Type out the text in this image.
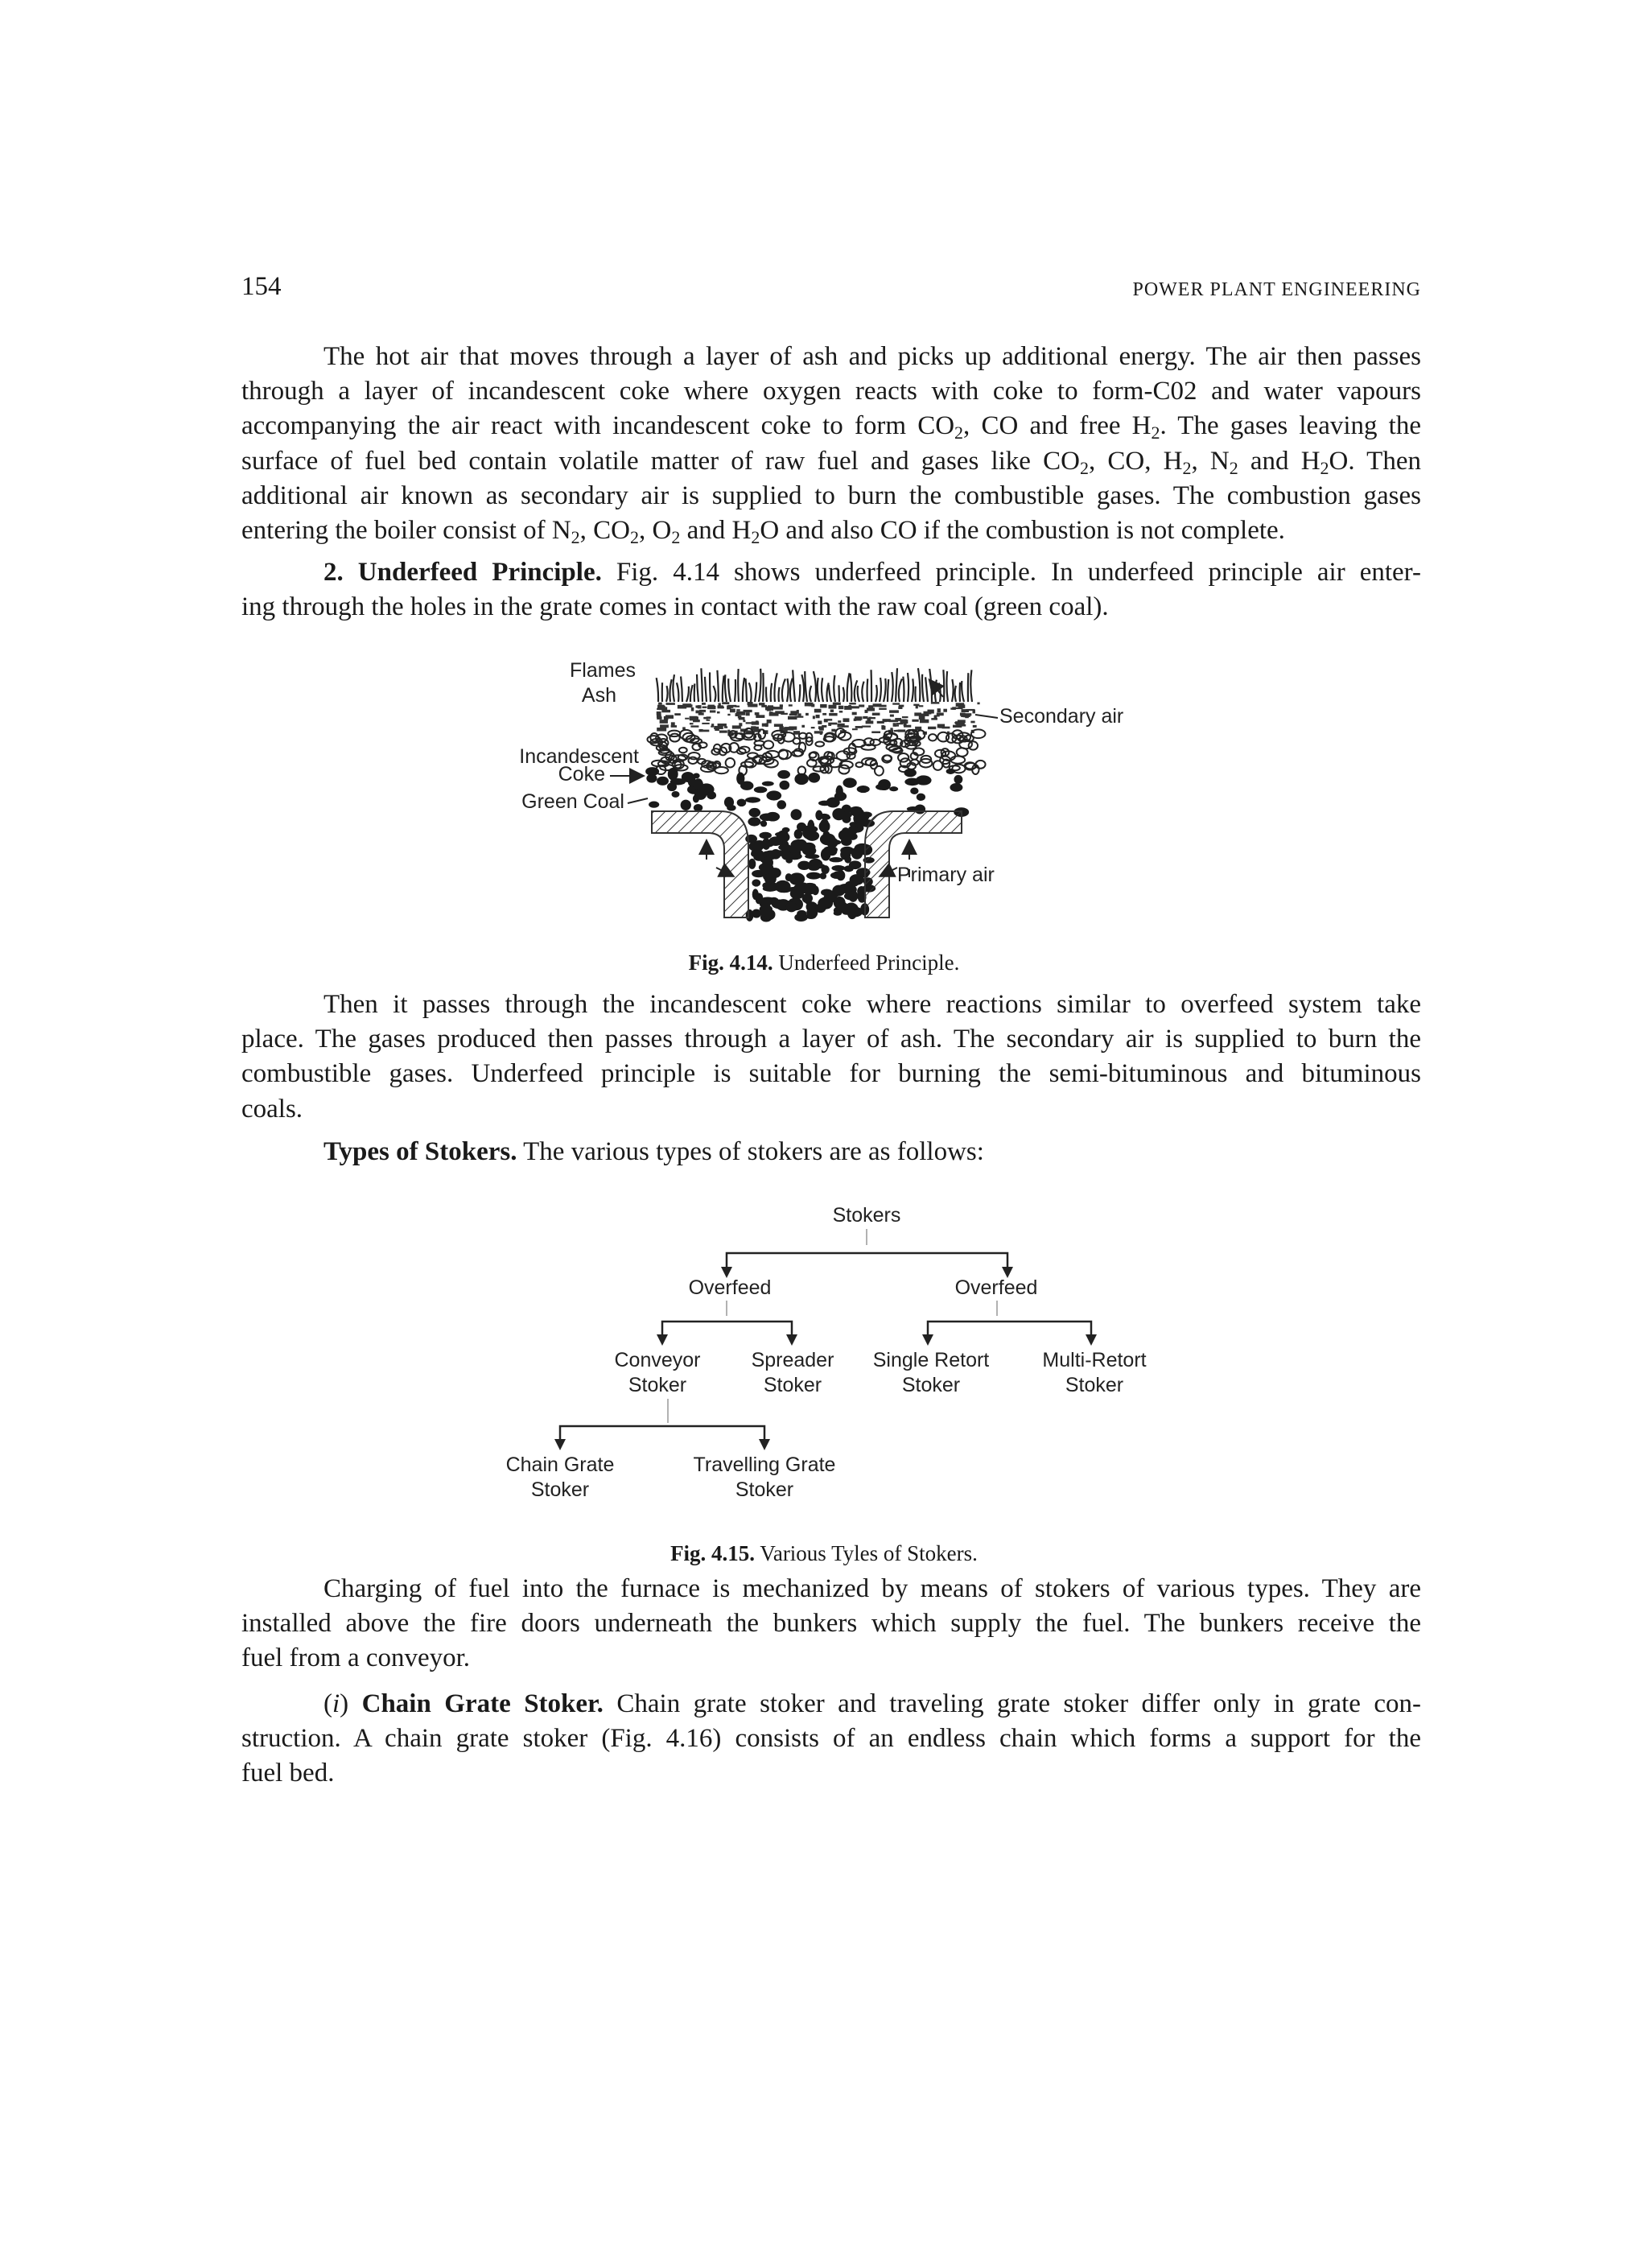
154	POWER PLANT ENGINEERING
The hot air that moves through a layer of ash and picks up additional energy. The air then passes
through a layer of incandescent coke where oxygen reacts with coke to form-C02 and water vapours
accompanying the air react with incandescent coke to form $CO_2$, CO and free $H_2$. The gases leaving the
surface of fuel bed contain volatile matter of raw fuel and gases like $CO_2$, CO, $H_2$, $N_2$ and $H_2O$. Then
additional air known as secondary air is supplied to burn the combustible gases. The combustion gases
entering the boiler consist of $N_2$, $CO_2$, $O_2$ and $H_2O$ and also CO if the combustion is not complete.
2. Underfeed Principle. Fig. 4.14 shows underfeed principle. In underfeed principle air enter-
ing through the holes in the grate comes in contact with the raw coal (green coal).
Flames
Ash
Incandescent
Coke
Green Coal
Secondary air
Primary air
Fig. 4.14. Underfeed Principle.
Then it passes through the incandescent coke where reactions similar to overfeed system take
place. The gases produced then passes through a layer of ash. The secondary air is supplied to burn the
combustible gases. Underfeed principle is suitable for burning the semi-bituminous and bituminous
coals.
Types of Stokers. The various types of stokers are as follows:
Stokers
Overfeed	Overfeed
Conveyor
Stoker
Spreader
Stoker
Single Retort
Stoker
Multi-Retort
Stoker
Chain Grate
Stoker
Travelling Grate
Stoker
Fig. 4.15. Various Tyles of Stokers.
Charging of fuel into the furnace is mechanized by means of stokers of various types. They are
installed above the fire doors underneath the bunkers which supply the fuel. The bunkers receive the
fuel from a conveyor.
(i) Chain Grate Stoker. Chain grate stoker and traveling grate stoker differ only in grate con-
struction. A chain grate stoker (Fig. 4.16) consists of an endless chain which forms a support for the
fuel bed.
